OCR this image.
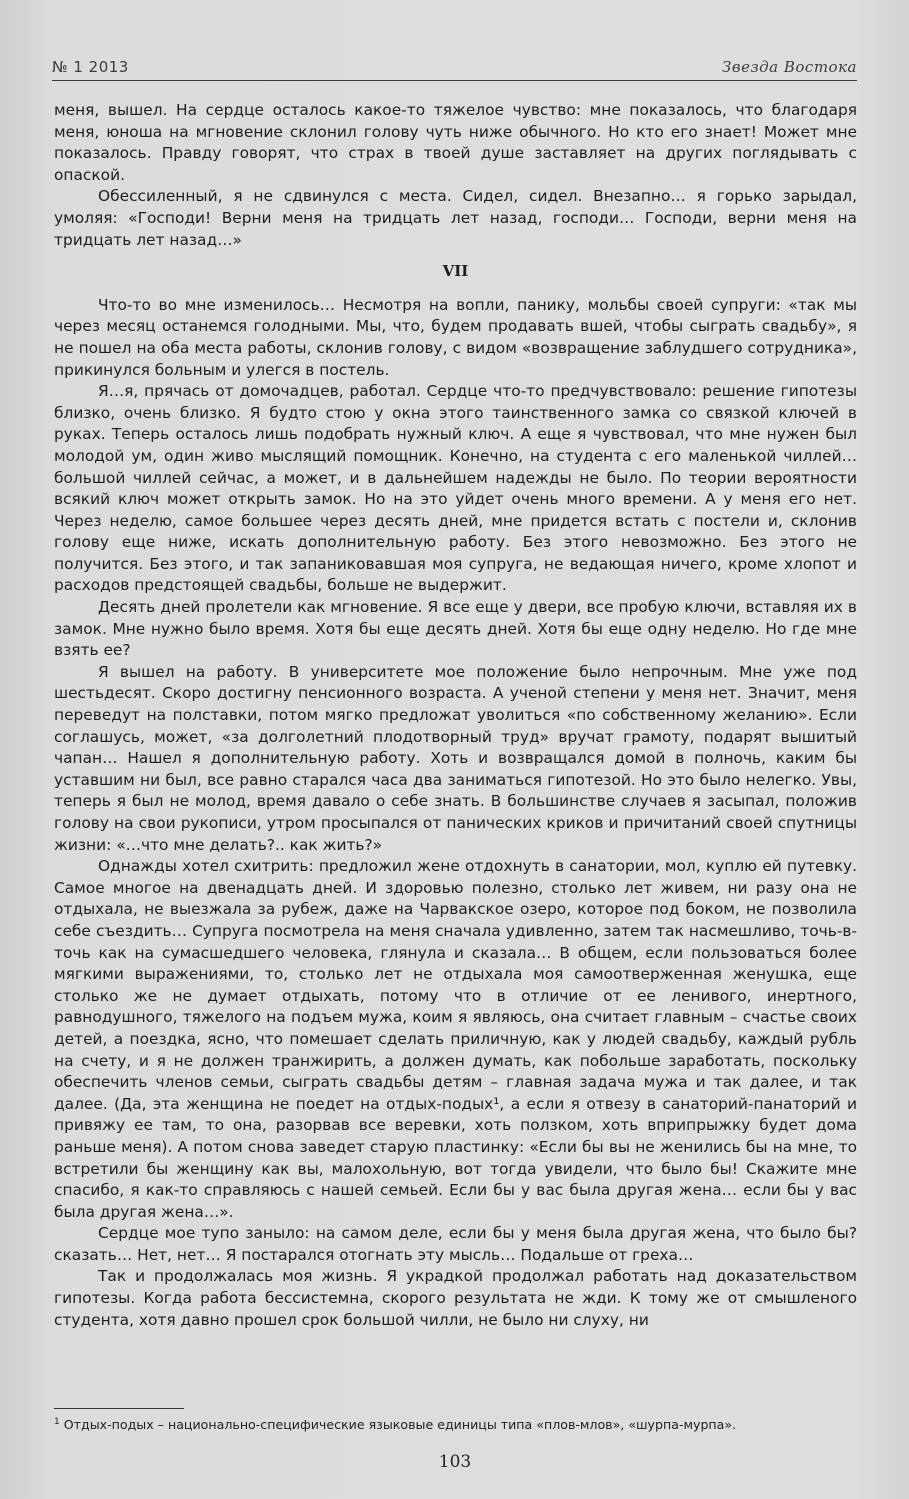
№ 1 2013	Звезда Востока

меня, вышел. На сердце осталось какое-то тяжелое чувство: мне показалось, что благодаря меня, юноша на мгновение склонил голову чуть ниже обычного. Но кто его знает! Может мне показалось. Правду говорят, что страх в твоей душе заставляет на других поглядывать с опаской.

Обессиленный, я не сдвинулся с места. Сидел, сидел. Внезапно… я горько зарыдал, умоляя: «Господи! Верни меня на тридцать лет назад, господи… Господи, верни меня на тридцать лет назад…»

VII

Что-то во мне изменилось… Несмотря на вопли, панику, мольбы своей супруги: «так мы через месяц останемся голодными. Мы, что, будем продавать вшей, чтобы сыграть свадьбу», я не пошел на оба места работы, склонив голову, с видом «возвращение заблудшего сотрудника», прикинулся больным и улегся в постель.

Я…я, прячась от домочадцев, работал. Сердце что-то предчувствовало: решение гипотезы близко, очень близко. Я будто стою у окна этого таинственного замка со связкой ключей в руках. Теперь осталось лишь подобрать нужный ключ. А еще я чувствовал, что мне нужен был молодой ум, один живо мыслящий помощник. Конечно, на студента с его маленькой чиллей… большой чиллей сейчас, а может, и в дальнейшем надежды не было. По теории вероятности всякий ключ может открыть замок. Но на это уйдет очень много времени. А у меня его нет. Через неделю, самое большее через десять дней, мне придется встать с постели и, склонив голову еще ниже, искать дополнительную работу. Без этого невозможно. Без этого не получится. Без этого, и так запаниковавшая моя супруга, не ведающая ничего, кроме хлопот и расходов предстоящей свадьбы, больше не выдержит.

Десять дней пролетели как мгновение. Я все еще у двери, все пробую ключи, вставляя их в замок. Мне нужно было время. Хотя бы еще десять дней. Хотя бы еще одну неделю. Но где мне взять ее?

Я вышел на работу. В университете мое положение было непрочным. Мне уже под шестьдесят. Скоро достигну пенсионного возраста. А ученой степени у меня нет. Значит, меня переведут на полставки, потом мягко предложат уволиться «по собственному желанию». Если соглашусь, может, «за долголетний плодотворный труд» вручат грамоту, подарят вышитый чапан… Нашел я дополнительную работу. Хоть и возвращался домой в полночь, каким бы уставшим ни был, все равно старался часа два заниматься гипотезой. Но это было нелегко. Увы, теперь я был не молод, время давало о себе знать. В большинстве случаев я засыпал, положив голову на свои рукописи, утром просыпался от панических криков и причитаний своей спутницы жизни: «…что мне делать?.. как жить?»

Однажды хотел схитрить: предложил жене отдохнуть в санатории, мол, куплю ей путевку. Самое многое на двенадцать дней. И здоровью полезно, столько лет живем, ни разу она не отдыхала, не выезжала за рубеж, даже на Чарвакское озеро, которое под боком, не позволила себе съездить… Супруга посмотрела на меня сначала удивленно, затем так насмешливо, точь-в-точь как на сумасшедшего человека, глянула и сказала… В общем, если пользоваться более мягкими выражениями, то, столько лет не отдыхала моя самоотверженная женушка, еще столько же не думает отдыхать, потому что в отличие от ее ленивого, инертного, равнодушного, тяжелого на подъем мужа, коим я являюсь, она считает главным – счастье своих детей, а поездка, ясно, что помешает сделать приличную, как у людей свадьбу, каждый рубль на счету, и я не должен транжирить, а должен думать, как побольше заработать, поскольку обеспечить членов семьи, сыграть свадьбы детям – главная задача мужа и так далее, и так далее. (Да, эта женщина не поедет на отдых-подых¹, а если я отвезу в санаторий-панаторий и привяжу ее там, то она, разорвав все веревки, хоть ползком, хоть вприпрыжку будет дома раньше меня). А потом снова заведет старую пластинку: «Если бы вы не женились бы на мне, то встретили бы женщину как вы, малохольную, вот тогда увидели, что было бы! Скажите мне спасибо, я как-то справляюсь с нашей семьей. Если бы у вас была другая жена… если бы у вас была другая жена…».

Сердце мое тупо заныло: на самом деле, если бы у меня была другая жена, что было бы? сказать… Нет, нет… Я постарался отогнать эту мысль… Подальше от греха…

Так и продолжалась моя жизнь. Я украдкой продолжал работать над доказательством гипотезы. Когда работа бессистемна, скорого результата не жди. К тому же от смышленого студента, хотя давно прошел срок большой чилли, не было ни слуху, ни

$^1$ Отдых-подых – национально-специфические языковые единицы типа «плов-млов», «шурпа-мурпа».
103
